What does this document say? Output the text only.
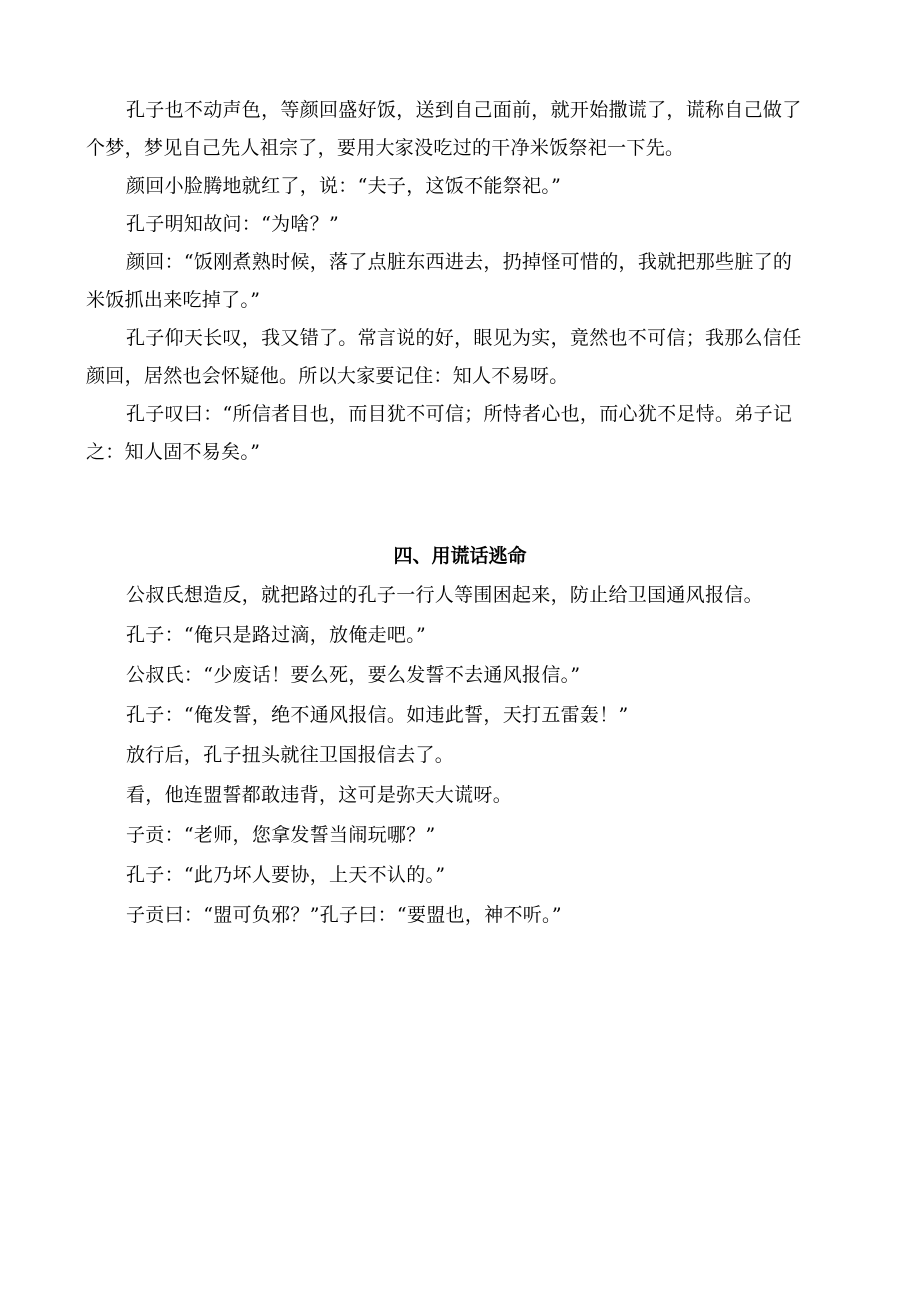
孔子也不动声色，等颜回盛好饭，送到自己面前，就开始撒谎了，谎称自己做了
个梦，梦见自己先人祖宗了，要用大家没吃过的干净米饭祭祀一下先。

颜回小脸腾地就红了，说：“夫子，这饭不能祭祀。”

孔子明知故问：“为啥？”

颜回：“饭刚煮熟时候，落了点脏东西进去，扔掉怪可惜的，我就把那些脏了的
米饭抓出来吃掉了。”

孔子仰天长叹，我又错了。常言说的好，眼见为实，竟然也不可信；我那么信任
颜回，居然也会怀疑他。所以大家要记住：知人不易呀。

孔子叹曰：“所信者目也，而目犹不可信；所恃者心也，而心犹不足恃。弟子记
之：知人固不易矣。”

四、用谎话逃命

公叔氏想造反，就把路过的孔子一行人等围困起来，防止给卫国通风报信。

孔子：“俺只是路过滴，放俺走吧。”

公叔氏：“少废话！要么死，要么发誓不去通风报信。”

孔子：“俺发誓，绝不通风报信。如违此誓，天打五雷轰！”

放行后，孔子扭头就往卫国报信去了。

看，他连盟誓都敢违背，这可是弥天大谎呀。

子贡：“老师，您拿发誓当闹玩哪？”

孔子：“此乃坏人要协，上天不认的。”

子贡曰：“盟可负邪？”孔子曰：“要盟也，神不听。”
